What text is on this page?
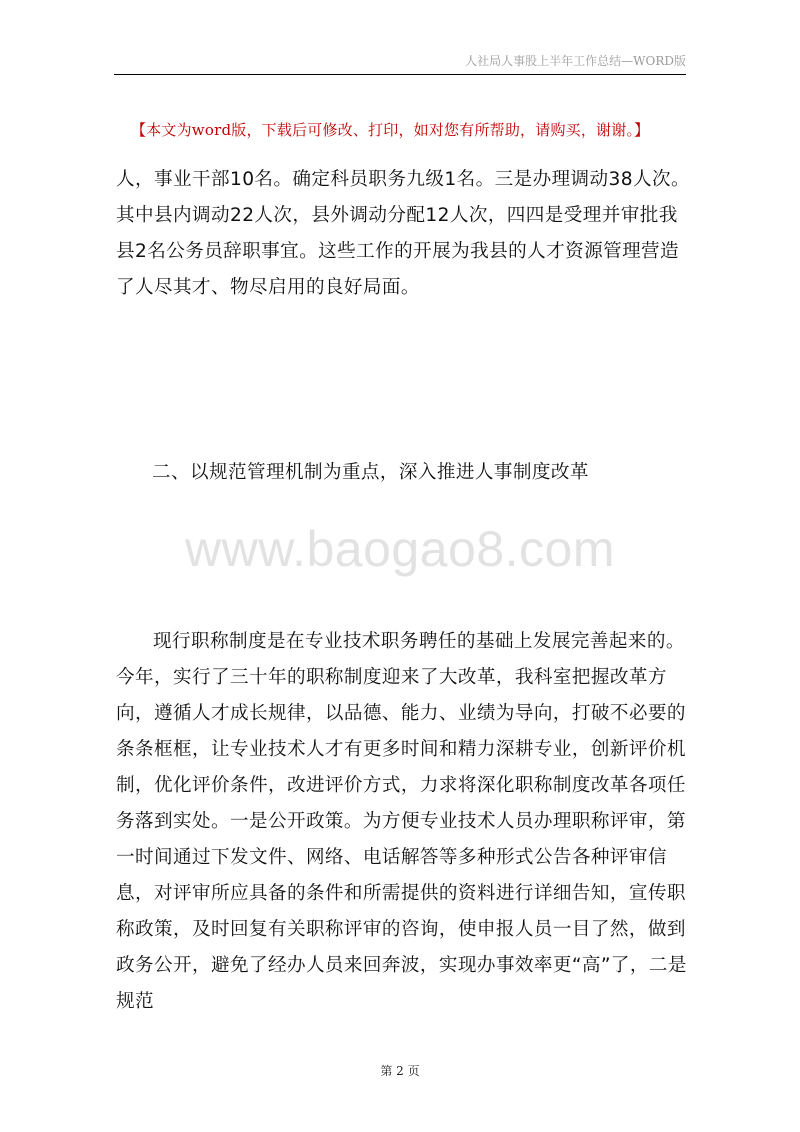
人社局人事股上半年工作总结—WORD版
【本文为word版，下载后可修改、打印，如对您有所帮助，请购买，谢谢。】

人，事业干部10名。确定科员职务九级1名。三是办理调动38人次。其中县内调动22人次，县外调动分配12人次，四四是受理并审批我县2名公务员辞职事宜。这些工作的开展为我县的人才资源管理营造了人尽其才、物尽启用的良好局面。

二、以规范管理机制为重点，深入推进人事制度改革
www.baogao8.com

现行职称制度是在专业技术职务聘任的基础上发展完善起来的。今年，实行了三十年的职称制度迎来了大改革，我科室把握改革方向，遵循人才成长规律，以品德、能力、业绩为导向，打破不必要的条条框框，让专业技术人才有更多时间和精力深耕专业，创新评价机制，优化评价条件，改进评价方式，力求将深化职称制度改革各项任务落到实处。一是公开政策。为方便专业技术人员办理职称评审，第一时间通过下发文件、网络、电话解答等多种形式公告各种评审信息，对评审所应具备的条件和所需提供的资料进行详细告知，宣传职称政策，及时回复有关职称评审的咨询，使申报人员一目了然，做到政务公开，避免了经办人员来回奔波，实现办事效率更“高”了，二是规范

第 2 页
